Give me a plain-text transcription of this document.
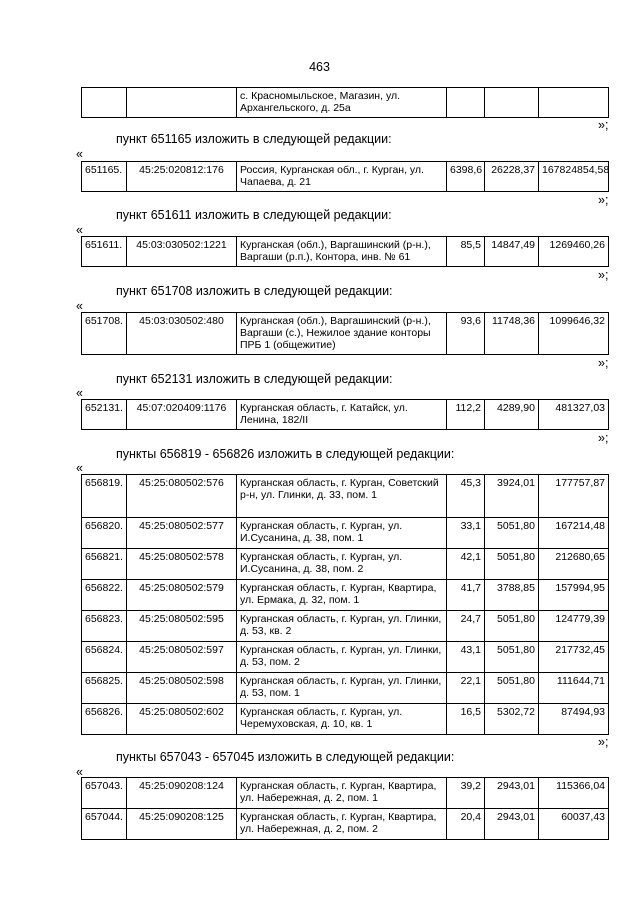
463
		с. Красномыльское, Магазин, ул. Архангельского, д. 25а			
»;
пункт 651165 изложить в следующей редакции:
«
651165.	45:25:020812:176	Россия, Курганская обл., г. Курган, ул. Чапаева, д. 21	6398,6	26228,37	167824854,58
»;
пункт 651611 изложить в следующей редакции:
«
651611.	45:03:030502:1221	Курганская (обл.), Варгашинский (р-н.), Варгаши (р.п.), Контора, инв. № 61	85,5	14847,49	1269460,26
»;
пункт 651708 изложить в следующей редакции:
«
651708.	45:03:030502:480	Курганская (обл.), Варгашинский (р-н.), Варгаши (с.), Нежилое здание конторы ПРБ 1 (общежитие)	93,6	11748,36	1099646,32
»;
пункт 652131 изложить в следующей редакции:
«
652131.	45:07:020409:1176	Курганская область, г. Катайск, ул. Ленина, 182/II	112,2	4289,90	481327,03
»;
пункты 656819 - 656826 изложить в следующей редакции:
«
656819.	45:25:080502:576	Курганская область, г. Курган, Советский р-н, ул. Глинки, д. 33, пом. 1	45,3	3924,01	177757,87
656820.	45:25:080502:577	Курганская область, г. Курган, ул. И.Сусанина, д. 38, пом. 1	33,1	5051,80	167214,48
656821.	45:25:080502:578	Курганская область, г. Курган, ул. И.Сусанина, д. 38, пом. 2	42,1	5051,80	212680,65
656822.	45:25:080502:579	Курганская область, г. Курган, Квартира, ул. Ермака, д. 32, пом. 1	41,7	3788,85	157994,95
656823.	45:25:080502:595	Курганская область, г. Курган, ул. Глинки, д. 53, кв. 2	24,7	5051,80	124779,39
656824.	45:25:080502:597	Курганская область, г. Курган, ул. Глинки, д. 53, пом. 2	43,1	5051,80	217732,45
656825.	45:25:080502:598	Курганская область, г. Курган, ул. Глинки, д. 53, пом. 1	22,1	5051,80	111644,71
656826.	45:25:080502:602	Курганская область, г. Курган, ул. Черемуховская, д. 10, кв. 1	16,5	5302,72	87494,93
»;
пункты 657043 - 657045 изложить в следующей редакции:
«
657043.	45:25:090208:124	Курганская область, г. Курган, Квартира, ул. Набережная, д. 2, пом. 1	39,2	2943,01	115366,04
657044.	45:25:090208:125	Курганская область, г. Курган, Квартира, ул. Набережная, д. 2, пом. 2	20,4	2943,01	60037,43
